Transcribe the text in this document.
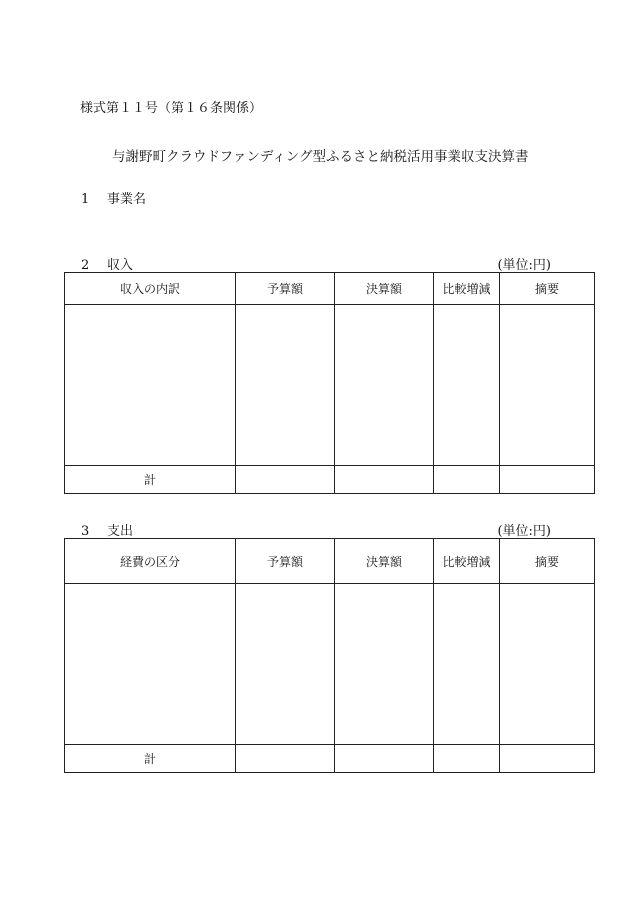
様式第１１号（第１６条関係）
与謝野町クラウドファンディング型ふるさと納税活用事業収支決算書
1 事業名
2 収入	(単位:円)
収入の内訳	予算額	決算額	比較増減	摘要

計				
3 支出	(単位:円)
経費の区分	予算額	決算額	比較増減	摘要

計				
